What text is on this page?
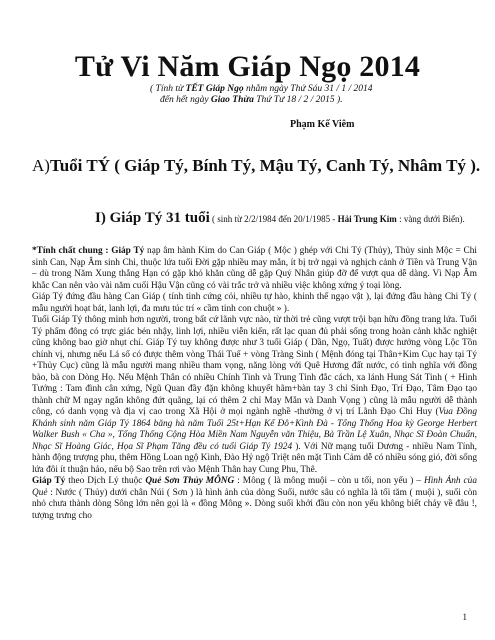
Tử Vi Năm Giáp Ngọ 2014
( Tính từ TẾT Giáp Ngọ nhằm ngày Thứ Sáu 31 / 1 / 2014
đến hết ngày Giao Thừa Thứ Tư 18 / 2 / 2015 ).
Phạm Kế Viêm
A)Tuổi TÝ ( Giáp Tý, Bính Tý, Mậu Tý, Canh Tý, Nhâm Tý ).
I) Giáp Tý 31 tuổi ( sinh từ 2/2/1984 đến 20/1/1985 - Hải Trung Kim : vàng dưới Biển).

*Tính chất chung : Giáp Tý nạp âm hành Kim do Can Giáp ( Mộc ) ghép với Chi Tý (Thủy), Thủy sinh Mộc = Chi sinh Can, Nạp Âm sinh Chi, thuộc lứa tuổi Đời gặp nhiều may mắn, ít bị trở ngại và nghịch cảnh ở Tiền và Trung Vận – dù trong Năm Xung thắng Hạn có gặp khó khăn cũng dễ gặp Quý Nhân giúp đỡ để vượt qua dễ dàng. Vì Nạp Âm khắc Can nên vào vài năm cuối Hậu Vận cũng có vài trắc trở và nhiều việc không xứng ý toại lòng.

Giáp Tý đứng đầu hàng Can Giáp ( tính tình cứng cỏi, nhiều tự hào, khinh thế ngạo vật ), lại đứng đầu hàng Chi Tý ( mẫu người hoạt bát, lanh lợi, đa mưu túc trí « cầm tinh con chuột » ).

Tuổi Giáp Tý thông minh hơn người, trong bất cứ lãnh vực nào, từ thời trẻ cũng vượt trội bạn hữu đồng trang lứa. Tuổi Tý phẩm đông có trực giác bén nhậy, linh lợi, nhiều viễn kiến, rất lạc quan đủ phải sống trong hoàn cảnh khắc nghiệt cũng không bao giờ nhụt chí. Giáp Tý tuy không được như 3 tuổi Giáp ( Dần, Ngọ, Tuất) được hưởng vòng Lộc Tồn chính vị, nhưng nếu Lá số có được thêm vòng Thái Tuế + vòng Tràng Sinh ( Mệnh đóng tại Thân+Kim Cục hay tại Tý +Thủy Cục) cũng là mẫu người mang nhiều tham vọng, năng lòng với Quê Hương đất nước, có tinh nghĩa với đồng bào, bà con Dòng Họ. Nếu Mệnh Thân có nhiều Chính Tinh và Trung Tinh đắc cách, xa lánh Hung Sát Tinh ( + Hình Tướng : Tam đình cân xứng, Ngũ Quan đầy đặn không khuyết hãm+bàn tay 3 chỉ Sinh Đạo, Trí Đạo, Tâm Đạo tạo thành chữ M ngay ngắn không đứt quãng, lại có thêm 2 chỉ May Mắn và Danh Vọng ) cũng là mẫu người dễ thành công, có danh vọng và địa vị cao trong Xã Hội ở mọi ngành nghề -thường ở vị trí Lãnh Đạo Chỉ Huy (Vua Đồng Khánh sinh năm Giáp Tý 1864 băng hà năm Tuổi 25t+Hạn Kế Đô+Kình Đà - Tổng Thống Hoa kỳ George Herbert Walker Bush « Cha », Tổng Thống Cộng Hòa Miền Nam Nguyễn văn Thiệu, Bà Trần Lệ Xuân, Nhạc Sĩ Đoàn Chuẩn, Nhạc Sĩ Hoàng Giác, Họa Sĩ Phạm Tăng đều có tuổi Giáp Tý 1924 ). Với Nữ mạng tuổi Dương - nhiều Nam Tính, hành động trượng phu, thêm Hồng Loan ngộ Kình, Đào Hỷ ngộ Triệt nên mặt Tình Cảm dễ có nhiều sóng gió, đời sống lứa đôi ít thuận hảo, nếu bộ Sao trên rơi vào Mệnh Thân hay Cung Phu, Thê.

Giáp Tý theo Dịch Lý thuộc Quẻ Sơn Thủy MÔNG : Mông ( là mông muội – còn u tối, non yếu ) – Hình Ảnh của Quẻ : Nước ( Thủy) dưới chân Núi ( Sơn ) là hình ảnh của dòng Suối, nước sâu có nghĩa là tối tăm ( muội ), suối còn nhỏ chưa thành dòng Sông lớn nên gọi là « đồng Mông ». Dòng suối khởi đầu còn non yếu không biết chảy về đâu !, tượng trưng cho

1
